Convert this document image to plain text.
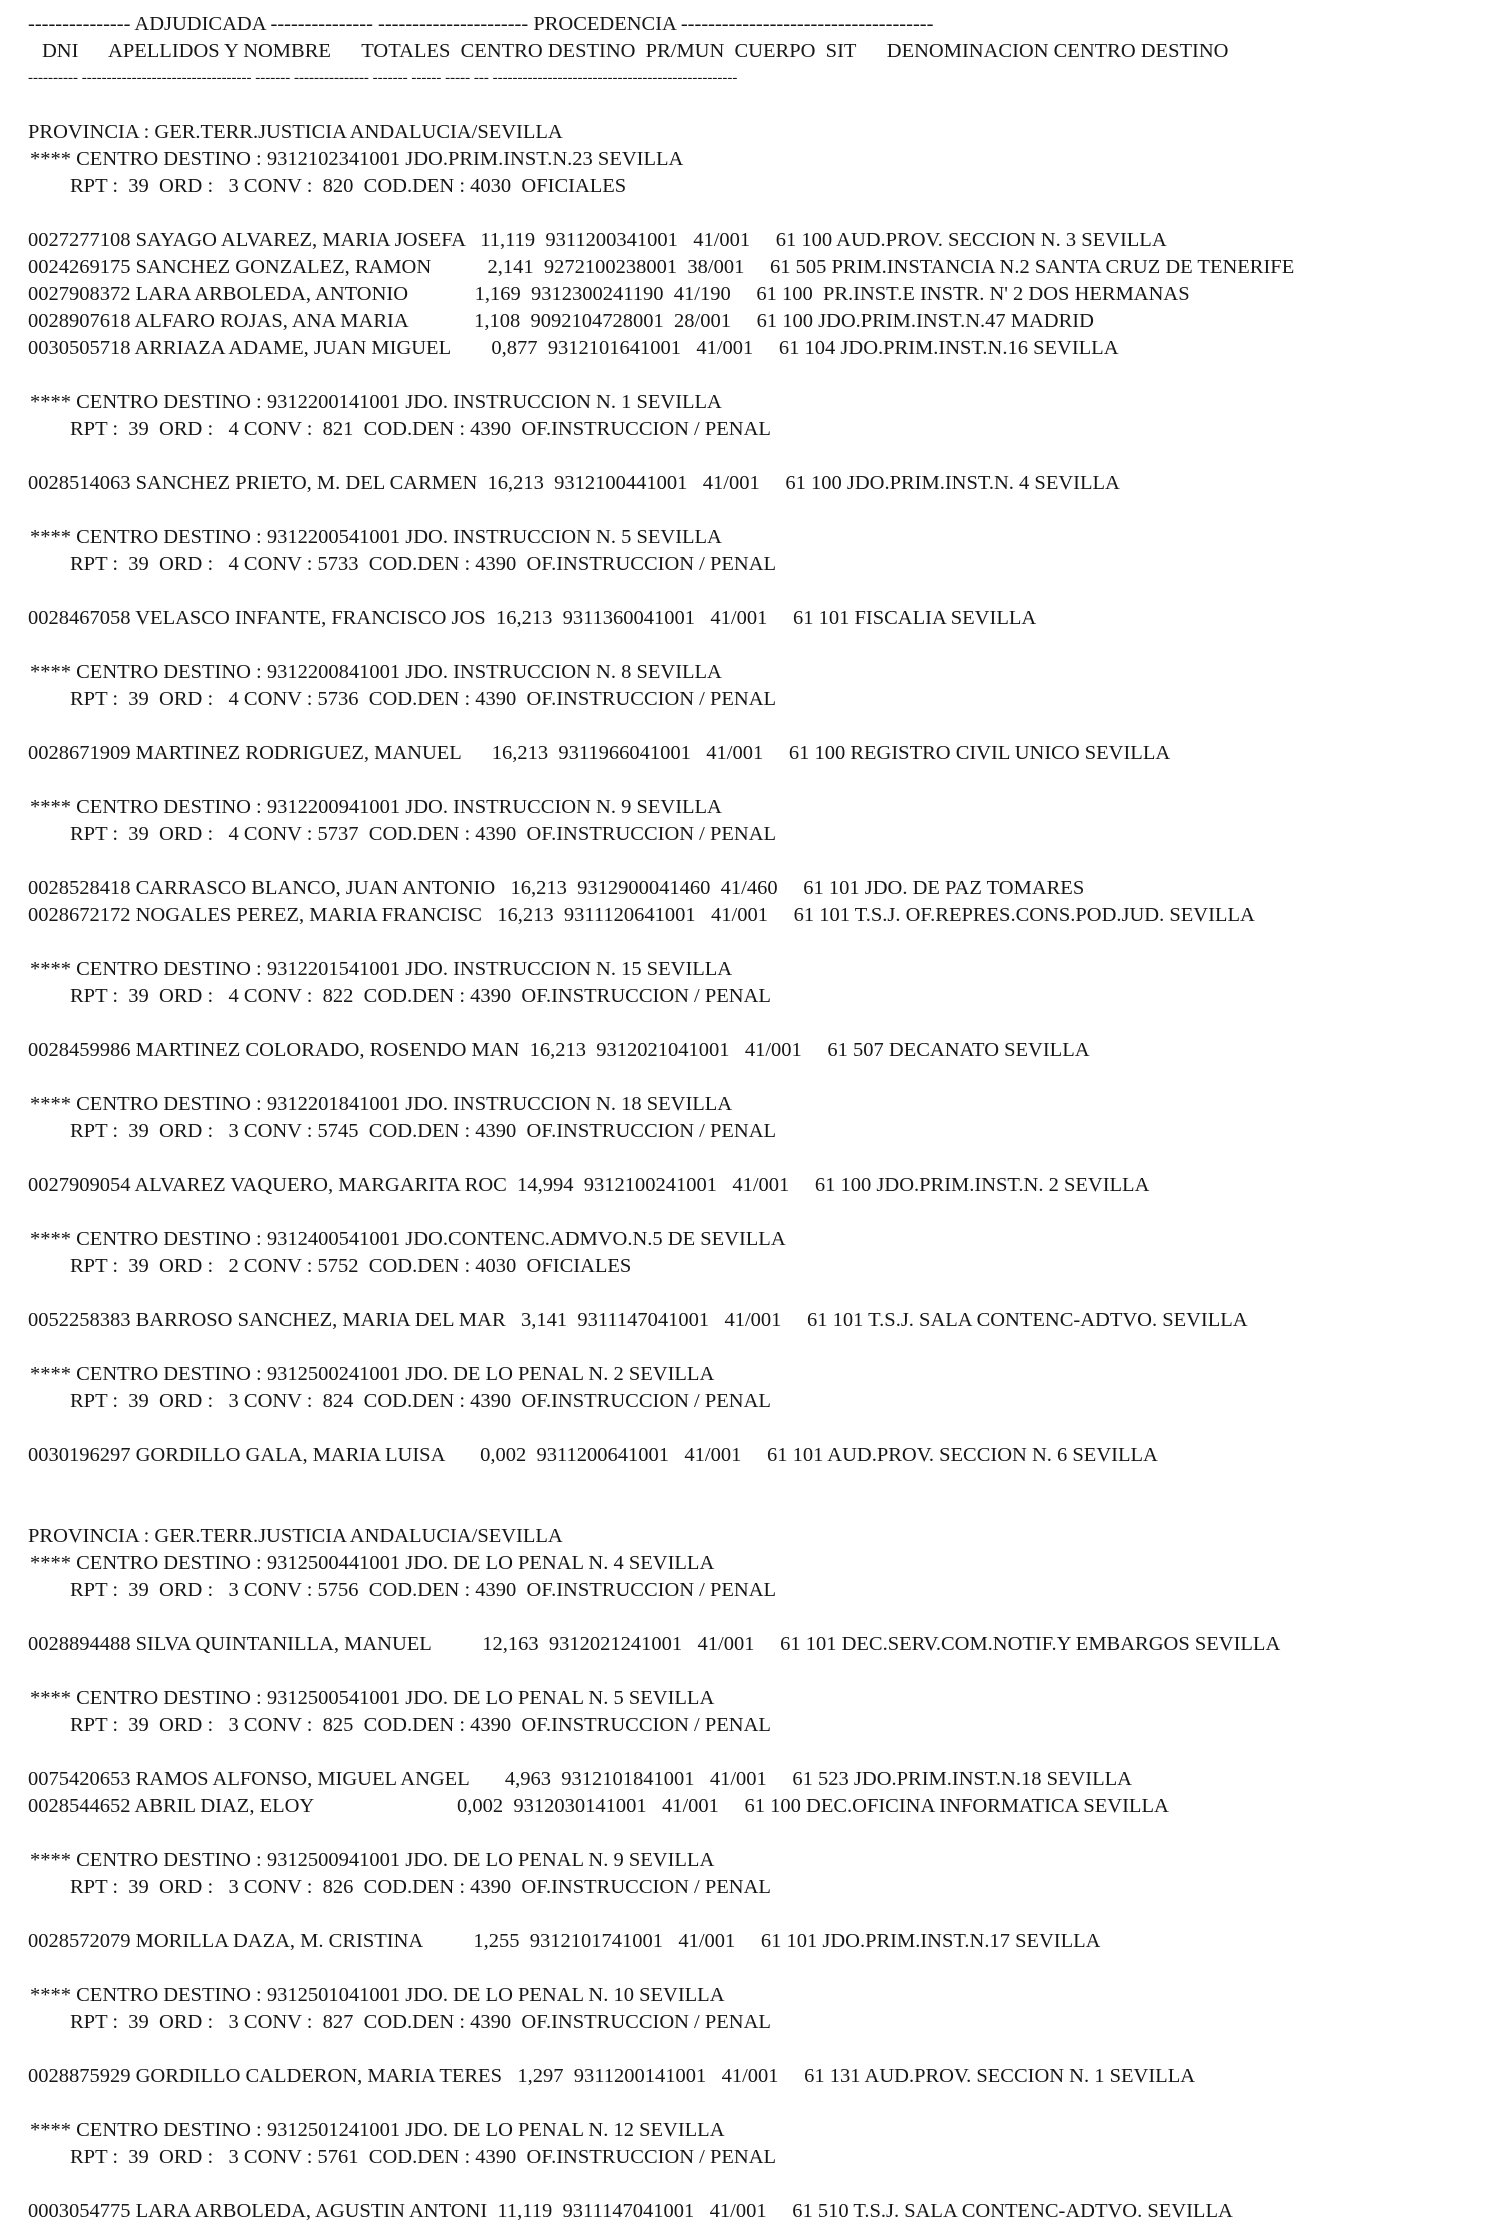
--------------- ADJUDICADA --------------- ---------------------- PROCEDENCIA -------------------------------------
DNI      APELLIDOS Y NOMBRE      TOTALES  CENTRO DESTINO  PR/MUN  CUERPO  SIT      DENOMINACION CENTRO DESTINO
---------- ---------------------------------- ------- --------------- ------- ------ ----- --- -------------------------------------------------
PROVINCIA : GER.TERR.JUSTICIA ANDALUCIA/SEVILLA
**** CENTRO DESTINO : 9312102341001 JDO.PRIM.INST.N.23 SEVILLA
RPT :  39  ORD :   3 CONV :  820  COD.DEN : 4030  OFICIALES
0027277108 SAYAGO ALVAREZ, MARIA JOSEFA   11,119  9311200341001   41/001     61 100 AUD.PROV. SECCION N. 3 SEVILLA
0024269175 SANCHEZ GONZALEZ, RAMON           2,141  9272100238001  38/001     61 505 PRIM.INSTANCIA N.2 SANTA CRUZ DE TENERIFE
0027908372 LARA ARBOLEDA, ANTONIO             1,169  9312300241190  41/190     61 100  PR.INST.E INSTR. N' 2 DOS HERMANAS
0028907618 ALFARO ROJAS, ANA MARIA             1,108  9092104728001  28/001     61 100 JDO.PRIM.INST.N.47 MADRID
0030505718 ARRIAZA ADAME, JUAN MIGUEL        0,877  9312101641001   41/001     61 104 JDO.PRIM.INST.N.16 SEVILLA
**** CENTRO DESTINO : 9312200141001 JDO. INSTRUCCION N. 1 SEVILLA
RPT :  39  ORD :   4 CONV :  821  COD.DEN : 4390  OF.INSTRUCCION / PENAL
0028514063 SANCHEZ PRIETO, M. DEL CARMEN  16,213  9312100441001   41/001     61 100 JDO.PRIM.INST.N. 4 SEVILLA
**** CENTRO DESTINO : 9312200541001 JDO. INSTRUCCION N. 5 SEVILLA
RPT :  39  ORD :   4 CONV : 5733  COD.DEN : 4390  OF.INSTRUCCION / PENAL
0028467058 VELASCO INFANTE, FRANCISCO JOS  16,213  9311360041001   41/001     61 101 FISCALIA SEVILLA
**** CENTRO DESTINO : 9312200841001 JDO. INSTRUCCION N. 8 SEVILLA
RPT :  39  ORD :   4 CONV : 5736  COD.DEN : 4390  OF.INSTRUCCION / PENAL
0028671909 MARTINEZ RODRIGUEZ, MANUEL      16,213  9311966041001   41/001     61 100 REGISTRO CIVIL UNICO SEVILLA
**** CENTRO DESTINO : 9312200941001 JDO. INSTRUCCION N. 9 SEVILLA
RPT :  39  ORD :   4 CONV : 5737  COD.DEN : 4390  OF.INSTRUCCION / PENAL
0028528418 CARRASCO BLANCO, JUAN ANTONIO   16,213  9312900041460  41/460     61 101 JDO. DE PAZ TOMARES
0028672172 NOGALES PEREZ, MARIA FRANCISC   16,213  9311120641001   41/001     61 101 T.S.J. OF.REPRES.CONS.POD.JUD. SEVILLA
**** CENTRO DESTINO : 9312201541001 JDO. INSTRUCCION N. 15 SEVILLA
RPT :  39  ORD :   4 CONV :  822  COD.DEN : 4390  OF.INSTRUCCION / PENAL
0028459986 MARTINEZ COLORADO, ROSENDO MAN  16,213  9312021041001   41/001     61 507 DECANATO SEVILLA
**** CENTRO DESTINO : 9312201841001 JDO. INSTRUCCION N. 18 SEVILLA
RPT :  39  ORD :   3 CONV : 5745  COD.DEN : 4390  OF.INSTRUCCION / PENAL
0027909054 ALVAREZ VAQUERO, MARGARITA ROC  14,994  9312100241001   41/001     61 100 JDO.PRIM.INST.N. 2 SEVILLA
**** CENTRO DESTINO : 9312400541001 JDO.CONTENC.ADMVO.N.5 DE SEVILLA
RPT :  39  ORD :   2 CONV : 5752  COD.DEN : 4030  OFICIALES
0052258383 BARROSO SANCHEZ, MARIA DEL MAR   3,141  9311147041001   41/001     61 101 T.S.J. SALA CONTENC-ADTVO. SEVILLA
**** CENTRO DESTINO : 9312500241001 JDO. DE LO PENAL N. 2 SEVILLA
RPT :  39  ORD :   3 CONV :  824  COD.DEN : 4390  OF.INSTRUCCION / PENAL
0030196297 GORDILLO GALA, MARIA LUISA       0,002  9311200641001   41/001     61 101 AUD.PROV. SECCION N. 6 SEVILLA
PROVINCIA : GER.TERR.JUSTICIA ANDALUCIA/SEVILLA
**** CENTRO DESTINO : 9312500441001 JDO. DE LO PENAL N. 4 SEVILLA
RPT :  39  ORD :   3 CONV : 5756  COD.DEN : 4390  OF.INSTRUCCION / PENAL
0028894488 SILVA QUINTANILLA, MANUEL          12,163  9312021241001   41/001     61 101 DEC.SERV.COM.NOTIF.Y EMBARGOS SEVILLA
**** CENTRO DESTINO : 9312500541001 JDO. DE LO PENAL N. 5 SEVILLA
RPT :  39  ORD :   3 CONV :  825  COD.DEN : 4390  OF.INSTRUCCION / PENAL
0075420653 RAMOS ALFONSO, MIGUEL ANGEL       4,963  9312101841001   41/001     61 523 JDO.PRIM.INST.N.18 SEVILLA
0028544652 ABRIL DIAZ, ELOY                            0,002  9312030141001   41/001     61 100 DEC.OFICINA INFORMATICA SEVILLA
**** CENTRO DESTINO : 9312500941001 JDO. DE LO PENAL N. 9 SEVILLA
RPT :  39  ORD :   3 CONV :  826  COD.DEN : 4390  OF.INSTRUCCION / PENAL
0028572079 MORILLA DAZA, M. CRISTINA          1,255  9312101741001   41/001     61 101 JDO.PRIM.INST.N.17 SEVILLA
**** CENTRO DESTINO : 9312501041001 JDO. DE LO PENAL N. 10 SEVILLA
RPT :  39  ORD :   3 CONV :  827  COD.DEN : 4390  OF.INSTRUCCION / PENAL
0028875929 GORDILLO CALDERON, MARIA TERES   1,297  9311200141001   41/001     61 131 AUD.PROV. SECCION N. 1 SEVILLA
**** CENTRO DESTINO : 9312501241001 JDO. DE LO PENAL N. 12 SEVILLA
RPT :  39  ORD :   3 CONV : 5761  COD.DEN : 4390  OF.INSTRUCCION / PENAL
0003054775 LARA ARBOLEDA, AGUSTIN ANTONI  11,119  9311147041001   41/001     61 510 T.S.J. SALA CONTENC-ADTVO. SEVILLA
